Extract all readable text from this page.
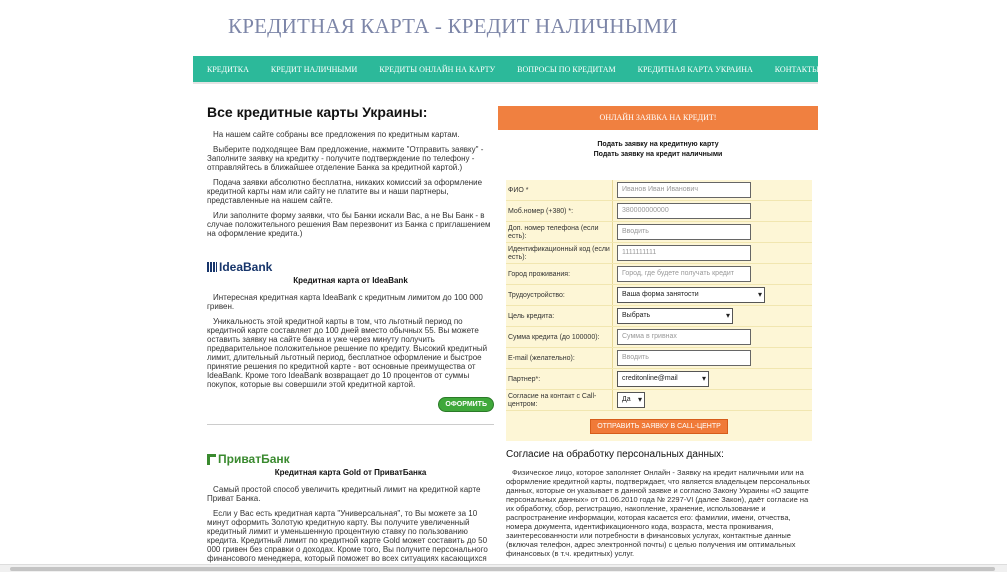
КРЕДИТНАЯ КАРТА - КРЕДИТ НАЛИЧНЫМИ
КРЕДИТКА	КРЕДИТ НАЛИЧНЫМИ	КРЕДИТЫ ОНЛАЙН НА КАРТУ	ВОПРОСЫ ПО КРЕДИТАМ	КРЕДИТНАЯ КАРТА УКРАИНА	КОНТАКТЫ
Все кредитные карты Украины:

На нашем сайте собраны все предложения по кредитным картам.

Выберите подходящее Вам предложение, нажмите "Отправить заявку" - Заполните заявку на кредитку - получите подтверждение по телефону - отправляйтесь в ближайшее отделение Банка за кредитной картой.)

Подача заявки абсолютно бесплатна, никаких комиссий за оформление кредитной карты нам или сайту не платите вы и наши партнеры, представленные на нашем сайте.

Или заполните форму заявки, что бы Банки искали Вас, а не Вы Банк - в случае положительного решения Вам перезвонит из Банка с приглашением на оформление кредита.)

IdeaBank
Кредитная карта от IdeaBank

Интересная кредитная карта IdeaBank с кредитным лимитом до 100 000 гривен.

Уникальность этой кредитной карты в том, что льготный период по кредитной карте составляет до 100 дней вместо обычных 55. Вы можете оставить заявку на сайте банка и уже через минуту получить предварительное положительное решение по кредиту. Высокий кредитный лимит, длительный льготный период, бесплатное оформление и быстрое принятие решения по кредитной карте - вот основные преимущества от IdeaBank. Кроме того IdeaBank возвращает до 10 процентов от суммы покупок, которые вы совершили этой кредитной картой.

ОФОРМИТЬ
ПриватБанк
Кредитная карта Gold от ПриватБанка

Самый простой способ увеличить кредитный лимит на кредитной карте Приват Банка.

Если у Вас есть кредитная карта "Универсальная", то Вы можете за 10 минут оформить Золотую кредитную карту. Вы получите увеличенный кредитный лимит и уменьшенную процентную ставку по пользованию кредита. Кредитный лимит по кредитной карте Gold может составить до 50 000 гривен без справки о доходах. Кроме того, Вы получите персонального финансового менеджера, который поможет во всех ситуациях касающихся

ОНЛАЙН ЗАЯВКА НА КРЕДИТ!
Подать заявку на кредитную карту
Подать заявку на кредит наличными
ФИО *	Иванов Иван Иванович
Моб.номер (+380) *:	380000000000
Доп. номер телефона (если есть):
Вводить
Идентификационный код (если есть):
1111111111
Город проживания:	Город, где будете получать кредит
Трудоустройство:	Ваша форма занятости ▾
Цель кредита:	Выбрать ▾
Сумма кредита (до 100000):	Сумма в гривнах
E-mail (желательно):	Вводить
Партнер*:	creditonline@mail ▾
Согласие на контакт с Call-центром:
Да ▾
ОТПРАВИТЬ ЗАЯВКУ В CALL-ЦЕНТР
Согласие на обработку персональных данных:

Физическое лицо, которое заполняет Онлайн - Заявку на кредит наличными или на оформление кредитной карты, подтверждает, что является владельцем персональных данных, которые он указывает в данной заявке и согласно Закону Украины «О защите персональных данных» от 01.06.2010 года № 2297-VI (далее Закон), даёт согласие на их обработку, сбор, регистрацию, накопление, хранение, использование и распространение информации, которая касается его: фамилии, имени, отчества, номера документа, идентификационного кода, возраста, места проживания, заинтересованности или потребности в финансовых услугах, контактные данные (включая телефон, адрес электронной почты) с целью получения им оптимальных финансовых (в т.ч. кредитных) услуг.
